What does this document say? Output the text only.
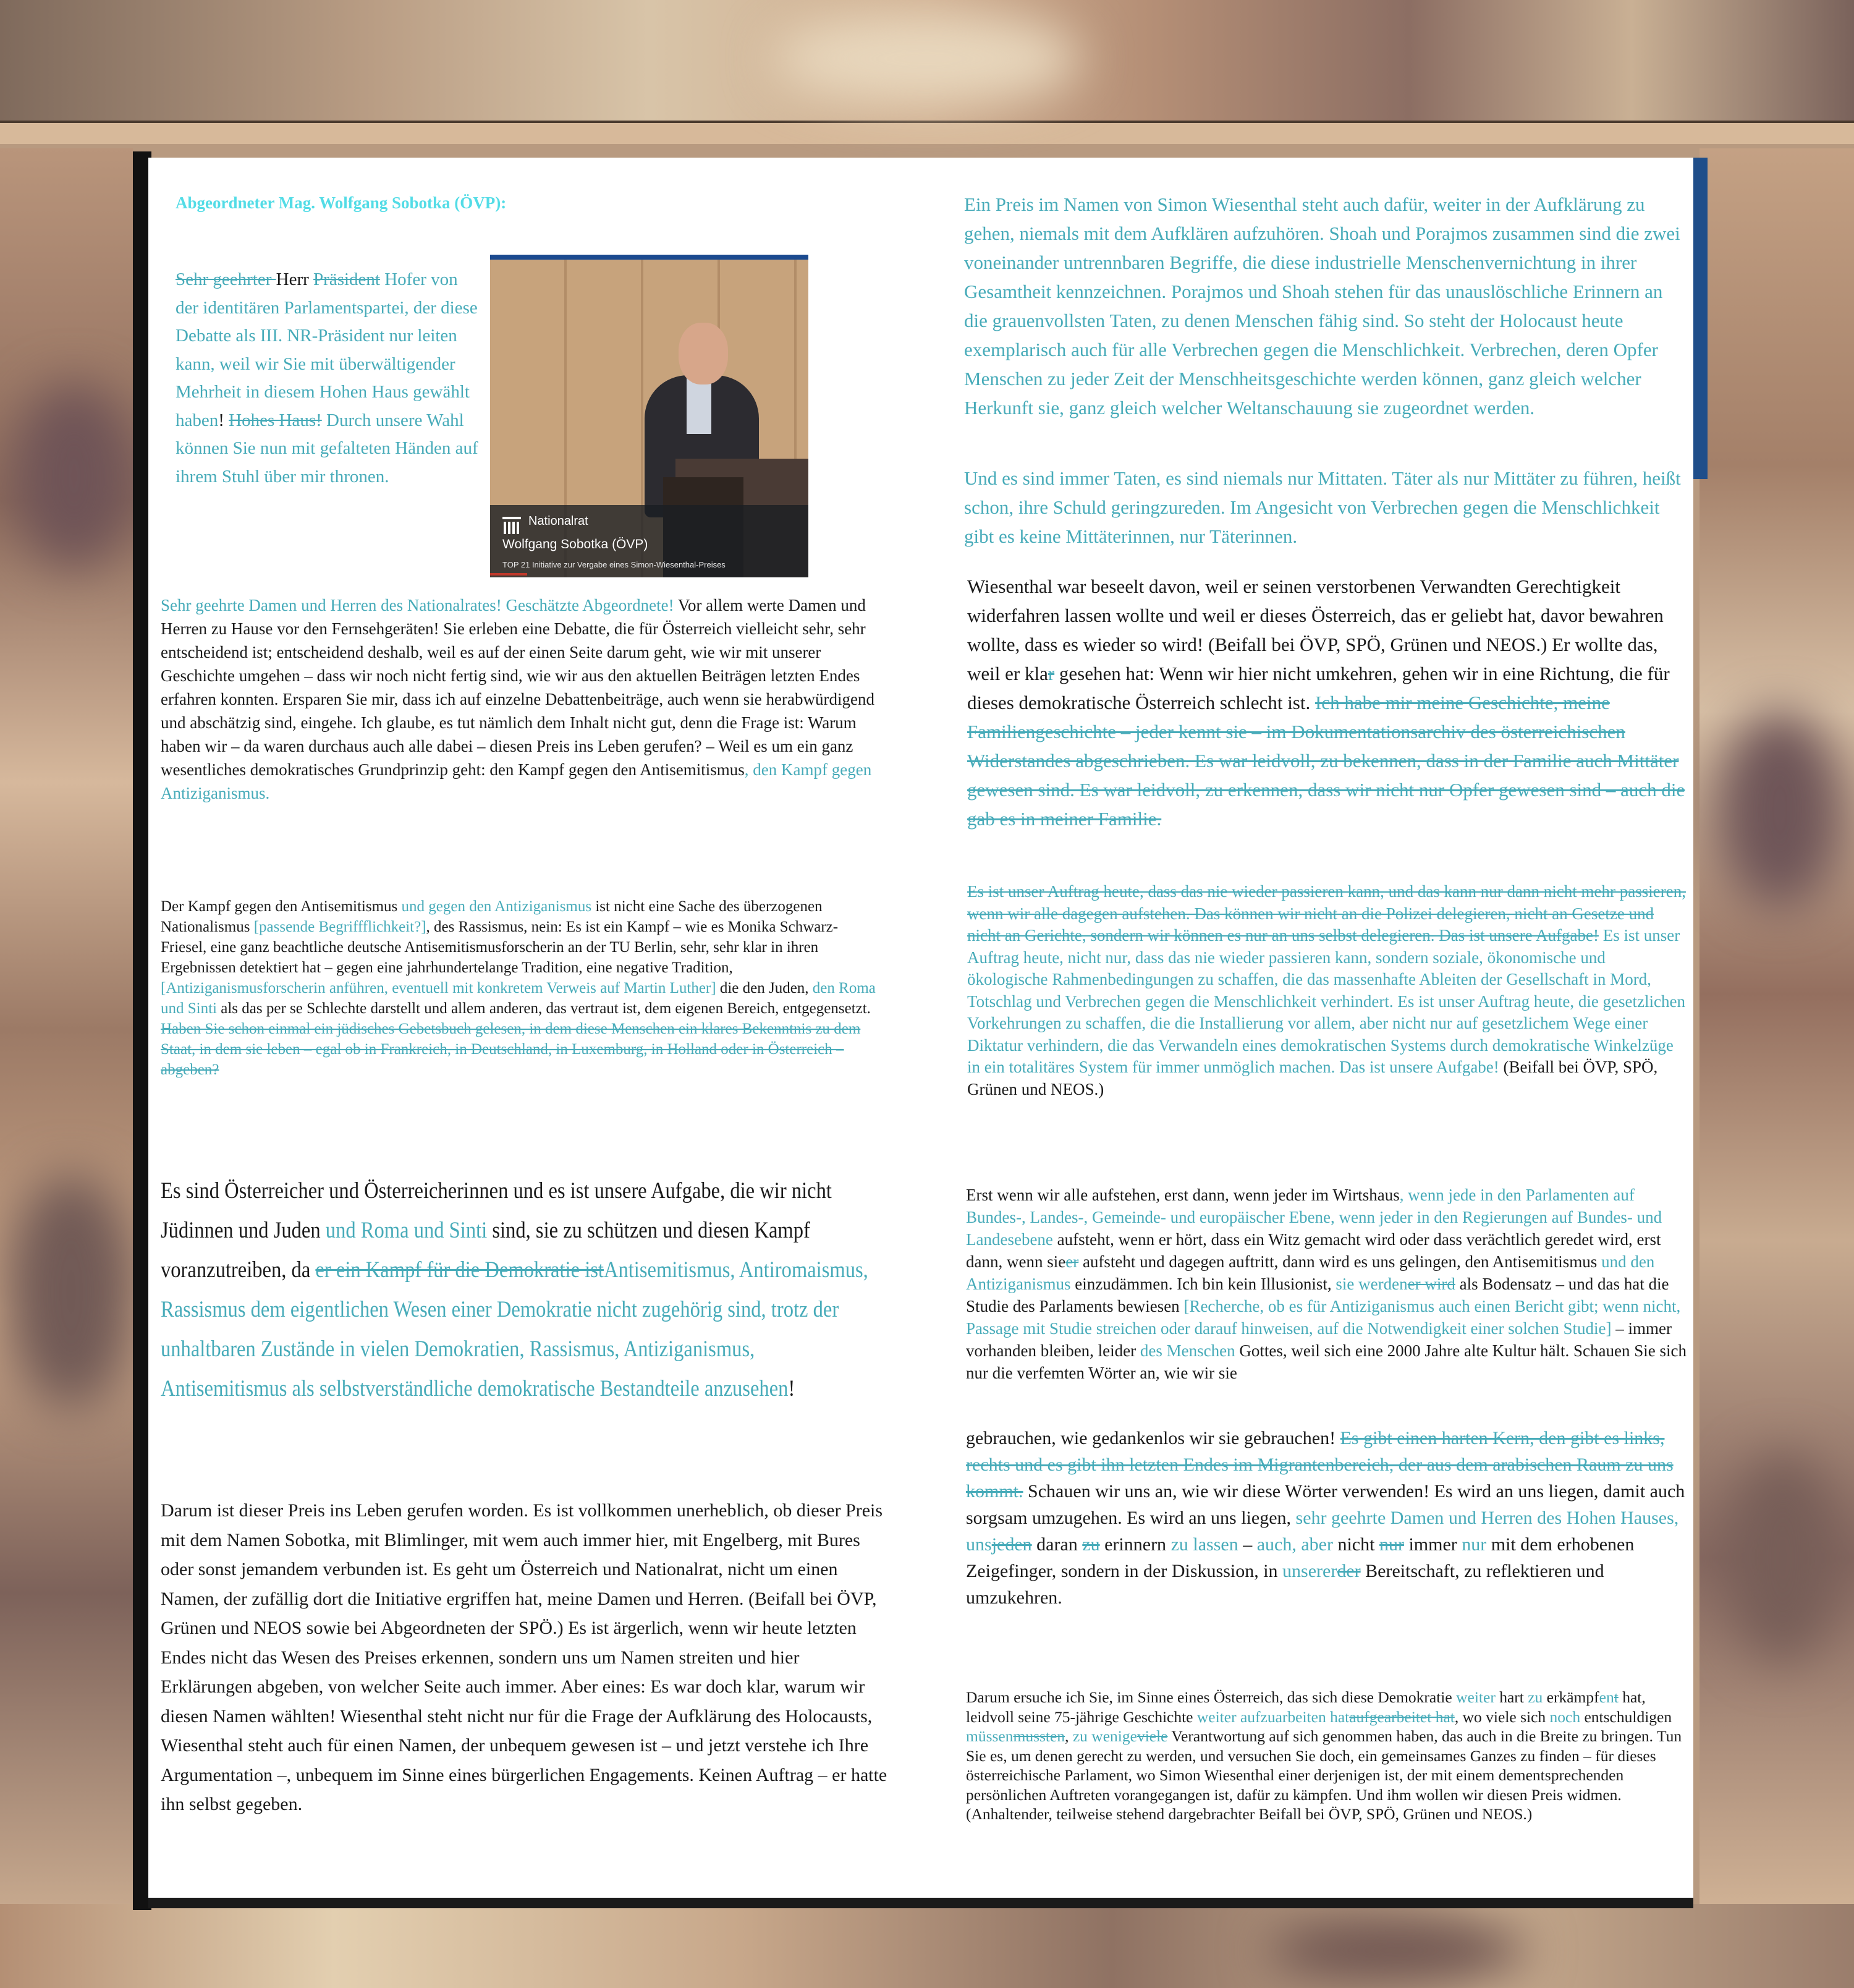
Abgeordneter Mag. Wolfgang Sobotka (ÖVP):
Nationalrat
Wolfgang Sobotka (ÖVP)
TOP 21 Initiative zur Vergabe eines Simon-Wiesenthal-Preises

Sehr geehrter Herr Präsident Hofer von der identitären Parlamentspartei, der diese Debatte als III. NR-Präsident nur leiten kann, weil wir Sie mit überwältigender Mehrheit in diesem Hohen Haus gewählt haben! Hohes Haus! Durch unsere Wahl können Sie nun mit gefalteten Händen auf ihrem Stuhl über mir thronen.

Sehr geehrte Damen und Herren des Nationalrates! Geschätzte Abgeordnete! Vor allem werte Damen und Herren zu Hause vor den Fernsehgeräten! Sie erleben eine Debatte, die für Österreich vielleicht sehr, sehr entscheidend ist; entscheidend deshalb, weil es auf der einen Seite darum geht, wie wir mit unserer Geschichte umgehen – dass wir noch nicht fertig sind, wie wir aus den aktuellen Beiträgen letzten Endes erfahren konnten. Ersparen Sie mir, dass ich auf einzelne Debattenbeiträge, auch wenn sie herabwürdigend und abschätzig sind, eingehe. Ich glaube, es tut nämlich dem Inhalt nicht gut, denn die Frage ist: Warum haben wir – da waren durchaus auch alle dabei – diesen Preis ins Leben gerufen? – Weil es um ein ganz wesentliches demokratisches Grundprinzip geht: den Kampf gegen den Antisemitismus, den Kampf gegen Antiziganismus.

Der Kampf gegen den Antisemitismus und gegen den Antiziganismus ist nicht eine Sache des überzogenen Nationalismus [passende Begriffflichkeit?], des Rassismus, nein: Es ist ein Kampf – wie es Monika Schwarz-Friesel, eine ganz beachtliche deutsche Antisemitismusforscherin an der TU Berlin, sehr, sehr klar in ihren Ergebnissen detektiert hat – gegen eine jahrhundertelange Tradition, eine negative Tradition, [Antiziganismusforscherin anführen, eventuell mit konkretem Verweis auf Martin Luther] die den Juden, den Roma und Sinti als das per se Schlechte darstellt und allem anderen, das vertraut ist, dem eigenen Bereich, entgegensetzt. Haben Sie schon einmal ein jüdisches Gebetsbuch gelesen, in dem diese Menschen ein klares Bekenntnis zu dem Staat, in dem sie leben – egal ob in Frankreich, in Deutschland, in Luxemburg, in Holland oder in Österreich – abgeben?

Es sind Österreicher und Österreicherinnen und es ist unsere Aufgabe, die wir nicht Jüdinnen und Juden und Roma und Sinti sind, sie zu schützen und diesen Kampf voranzutreiben, da er ein Kampf für die Demokratie istAntisemitismus, Antiromaismus, Rassismus dem eigentlichen Wesen einer Demokratie nicht zugehörig sind, trotz der unhaltbaren Zustände in vielen Demokratien, Rassismus, Antiziganismus, Antisemitismus als selbstverständliche demokratische Bestandteile anzusehen!

Darum ist dieser Preis ins Leben gerufen worden. Es ist vollkommen unerheblich, ob dieser Preis mit dem Namen Sobotka, mit Blimlinger, mit wem auch immer hier, mit Engelberg, mit Bures oder sonst jemandem verbunden ist. Es geht um Österreich und Nationalrat, nicht um einen Namen, der zufällig dort die Initiative ergriffen hat, meine Damen und Herren. (Beifall bei ÖVP, Grünen und NEOS sowie bei Abgeordneten der SPÖ.) Es ist ärgerlich, wenn wir heute letzten Endes nicht das Wesen des Preises erkennen, sondern uns um Namen streiten und hier Erklärungen abgeben, von welcher Seite auch immer. Aber eines: Es war doch klar, warum wir diesen Namen wählten! Wiesenthal steht nicht nur für die Frage der Aufklärung des Holocausts, Wiesenthal steht auch für einen Namen, der unbequem gewesen ist – und jetzt verstehe ich Ihre Argumentation –, unbequem im Sinne eines bürgerlichen Engagements. Keinen Auftrag – er hatte ihn selbst gegeben.

Ein Preis im Namen von Simon Wiesenthal steht auch dafür, weiter in der Aufklärung zu gehen, niemals mit dem Aufklären aufzuhören. Shoah und Porajmos zusammen sind die zwei voneinander untrennbaren Begriffe, die diese industrielle Menschenvernichtung in ihrer Gesamtheit kennzeichnen. Porajmos und Shoah stehen für das unauslöschliche Erinnern an die grauenvollsten Taten, zu denen Menschen fähig sind. So steht der Holocaust heute exemplarisch auch für alle Verbrechen gegen die Menschlichkeit. Verbrechen, deren Opfer Menschen zu jeder Zeit der Menschheitsgeschichte werden können, ganz gleich welcher Herkunft sie, ganz gleich welcher Weltanschauung sie zugeordnet werden.

Und es sind immer Taten, es sind niemals nur Mittaten. Täter als nur Mittäter zu führen, heißt schon, ihre Schuld geringzureden. Im Angesicht von Verbrechen gegen die Menschlichkeit gibt es keine Mittäterinnen, nur Täterinnen.

Wiesenthal war beseelt davon, weil er seinen verstorbenen Verwandten Gerechtigkeit widerfahren lassen wollte und weil er dieses Österreich, das er geliebt hat, davor bewahren wollte, dass es wieder so wird! (Beifall bei ÖVP, SPÖ, Grünen und NEOS.) Er wollte das, weil er klar gesehen hat: Wenn wir hier nicht umkehren, gehen wir in eine Richtung, die für dieses demokratische Österreich schlecht ist. Ich habe mir meine Geschichte, meine Familiengeschichte – jeder kennt sie – im Dokumentationsarchiv des österreichischen Widerstandes abgeschrieben. Es war leidvoll, zu bekennen, dass in der Familie auch Mittäter gewesen sind. Es war leidvoll, zu erkennen, dass wir nicht nur Opfer gewesen sind – auch die gab es in meiner Familie.

Es ist unser Auftrag heute, dass das nie wieder passieren kann, und das kann nur dann nicht mehr passieren, wenn wir alle dagegen aufstehen. Das können wir nicht an die Polizei delegieren, nicht an Gesetze und nicht an Gerichte, sondern wir können es nur an uns selbst delegieren. Das ist unsere Aufgabe! Es ist unser Auftrag heute, nicht nur, dass das nie wieder passieren kann, sondern soziale, ökonomische und ökologische Rahmenbedingungen zu schaffen, die das massenhafte Ableiten der Gesellschaft in Mord, Totschlag und Verbrechen gegen die Menschlichkeit verhindert. Es ist unser Auftrag heute, die gesetzlichen Vorkehrungen zu schaffen, die die Installierung vor allem, aber nicht nur auf gesetzlichem Wege einer Diktatur verhindern, die das Verwandeln eines demokratischen Systems durch demokratische Winkelzüge in ein totalitäres System für immer unmöglich machen. Das ist unsere Aufgabe! (Beifall bei ÖVP, SPÖ, Grünen und NEOS.)

Erst wenn wir alle aufstehen, erst dann, wenn jeder im Wirtshaus, wenn jede in den Parlamenten auf Bundes-, Landes-, Gemeinde- und europäischer Ebene, wenn jeder in den Regierungen auf Bundes- und Landesebene aufsteht, wenn er hört, dass ein Witz gemacht wird oder dass verächtlich geredet wird, erst dann, wenn sieer aufsteht und dagegen auftritt, dann wird es uns gelingen, den Antisemitismus und den Antiziganismus einzudämmen. Ich bin kein Illusionist, sie werdener wird als Bodensatz – und das hat die Studie des Parlaments bewiesen [Recherche, ob es für Antiziganismus auch einen Bericht gibt; wenn nicht, Passage mit Studie streichen oder darauf hinweisen, auf die Notwendigkeit einer solchen Studie] – immer vorhanden bleiben, leider des Menschen Gottes, weil sich eine 2000 Jahre alte Kultur hält. Schauen Sie sich nur die verfemten Wörter an, wie wir sie

gebrauchen, wie gedankenlos wir sie gebrauchen! Es gibt einen harten Kern, den gibt es links, rechts und es gibt ihn letzten Endes im Migrantenbereich, der aus dem arabischen Raum zu uns kommt. Schauen wir uns an, wie wir diese Wörter verwenden! Es wird an uns liegen, damit auch sorgsam umzugehen. Es wird an uns liegen, sehr geehrte Damen und Herren des Hohen Hauses, unsjeden daran zu erinnern zu lassen – auch, aber nicht nur immer nur mit dem erhobenen Zeigefinger, sondern in der Diskussion, in unsererder Bereitschaft, zu reflektieren und umzukehren.

Darum ersuche ich Sie, im Sinne eines Österreich, das sich diese Demokratie weiter hart zu erkämpfent hat, leidvoll seine 75-jährige Geschichte weiter aufzuarbeiten hataufgearbeitet hat, wo viele sich noch entschuldigen müssenmussten, zu wenigeviele Verantwortung auf sich genommen haben, das auch in die Breite zu bringen. Tun Sie es, um denen gerecht zu werden, und versuchen Sie doch, ein gemeinsames Ganzes zu finden – für dieses österreichische Parlament, wo Simon Wiesenthal einer derjenigen ist, der mit einem dementsprechenden persönlichen Auftreten vorangegangen ist, dafür zu kämpfen. Und ihm wollen wir diesen Preis widmen. (Anhaltender, teilweise stehend dargebrachter Beifall bei ÖVP, SPÖ, Grünen und NEOS.)
